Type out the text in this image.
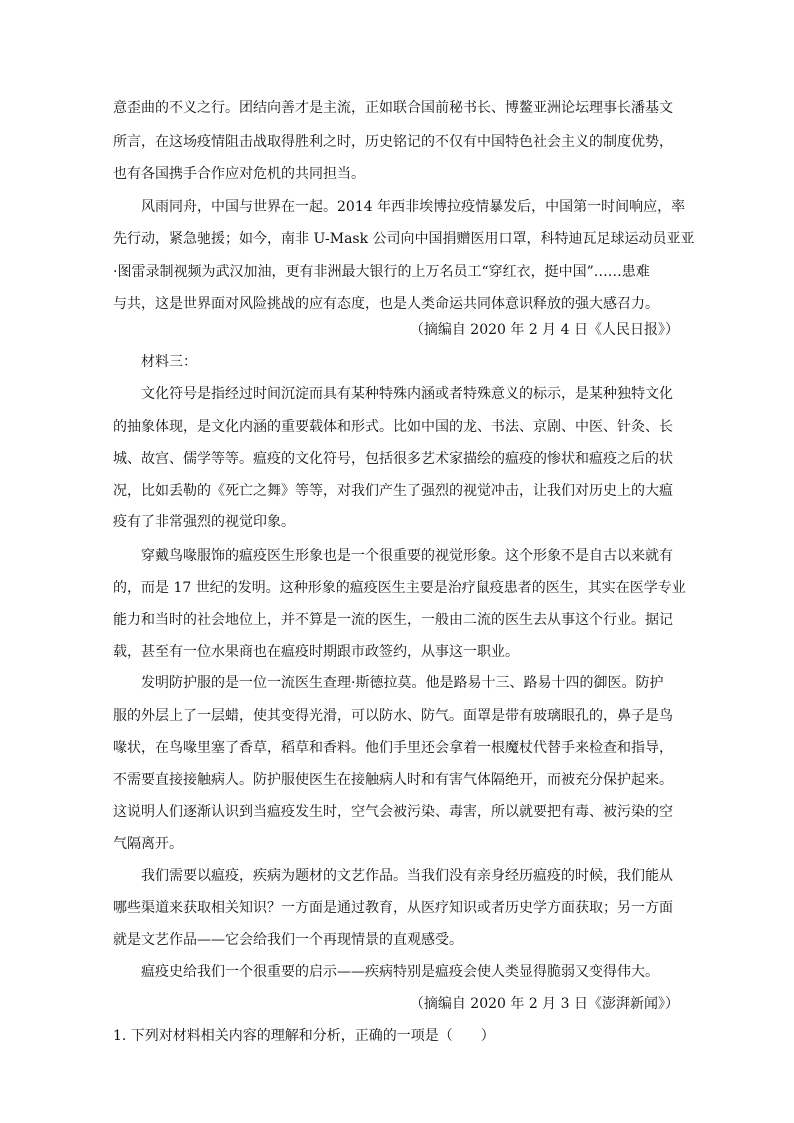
意歪曲的不义之行。团结向善才是主流，正如联合国前秘书长、博鳌亚洲论坛理事长潘基文

所言，在这场疫情阻击战取得胜利之时，历史铭记的不仅有中国特色社会主义的制度优势，

也有各国携手合作应对危机的共同担当。

风雨同舟，中国与世界在一起。2014 年西非埃博拉疫情暴发后，中国第一时间响应，率

先行动，紧急驰援；如今，南非 U-Mask 公司向中国捐赠医用口罩，科特迪瓦足球运动员亚亚

·图雷录制视频为武汉加油，更有非洲最大银行的上万名员工“穿红衣，挺中国”……患难

与共，这是世界面对风险挑战的应有态度，也是人类命运共同体意识释放的强大感召力。

（摘编自 2020 年 2 月 4 日《人民日报》）

材料三：

文化符号是指经过时间沉淀而具有某种特殊内涵或者特殊意义的标示，是某种独特文化

的抽象体现，是文化内涵的重要载体和形式。比如中国的龙、书法、京剧、中医、针灸、长

城、故宫、儒学等等。瘟疫的文化符号，包括很多艺术家描绘的瘟疫的惨状和瘟疫之后的状

况，比如丢勒的《死亡之舞》等等，对我们产生了强烈的视觉冲击，让我们对历史上的大瘟

疫有了非常强烈的视觉印象。

穿戴鸟喙服饰的瘟疫医生形象也是一个很重要的视觉形象。这个形象不是自古以来就有

的，而是 17 世纪的发明。这种形象的瘟疫医生主要是治疗鼠疫患者的医生，其实在医学专业

能力和当时的社会地位上，并不算是一流的医生，一般由二流的医生去从事这个行业。据记

载，甚至有一位水果商也在瘟疫时期跟市政签约，从事这一职业。

发明防护服的是一位一流医生查理·斯德拉莫。他是路易十三、路易十四的御医。防护

服的外层上了一层蜡，使其变得光滑，可以防水、防气。面罩是带有玻璃眼孔的，鼻子是鸟

喙状，在鸟喙里塞了香草，稻草和香料。他们手里还会拿着一根魔杖代替手来检查和指导，

不需要直接接触病人。防护服使医生在接触病人时和有害气体隔绝开，而被充分保护起来。

这说明人们逐渐认识到当瘟疫发生时，空气会被污染、毒害，所以就要把有毒、被污染的空

气隔离开。

我们需要以瘟疫，疾病为题材的文艺作品。当我们没有亲身经历瘟疫的时候，我们能从

哪些渠道来获取相关知识？一方面是通过教育，从医疗知识或者历史学方面获取；另一方面

就是文艺作品——它会给我们一个再现情景的直观感受。

瘟疫史给我们一个很重要的启示——疾病特别是瘟疫会使人类显得脆弱又变得伟大。

（摘编自 2020 年 2 月 3 日《澎湃新闻》）

1. 下列对材料相关内容的理解和分析，正确的一项是（　　）
